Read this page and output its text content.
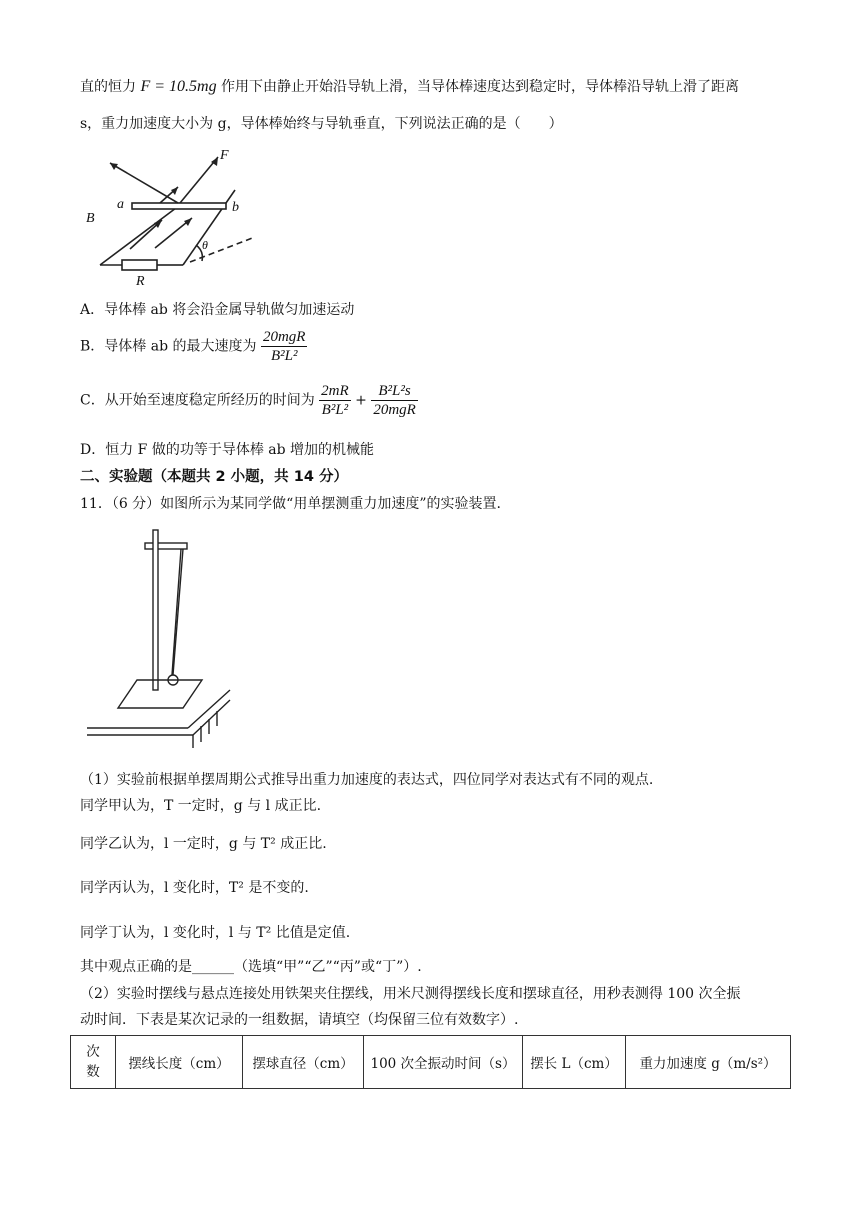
直的恒力 F = 10.5mg 作用下由静止开始沿导轨上滑，当导体棒速度达到稳定时，导体棒沿导轨上滑了距离
s，重力加速度大小为 g，导体棒始终与导轨垂直，下列说法正确的是（　　）
F
a	b
B
R
θ
A．导体棒 ab 将会沿金属导轨做匀加速运动
B．导体棒 ab 的最大速度为 $\frac{\text{20mgR}}{\text{B²L²}}$
C．从开始至速度稳定所经历的时间为 $\frac{2mR}{\text{B²L²}} + \frac{\text{B²L²s}}{\text{20mgR}}$
D．恒力 F 做的功等于导体棒 ab 增加的机械能
二、实验题（本题共 2 小题，共 14 分）
11．（6 分）如图所示为某同学做“用单摆测重力加速度”的实验装置.
（1）实验前根据单摆周期公式推导出重力加速度的表达式，四位同学对表达式有不同的观点.
同学甲认为，T 一定时，g 与 l 成正比.
同学乙认为，l 一定时，g 与 T² 成正比.
同学丙认为，l 变化时，T² 是不变的.
同学丁认为，l 变化时，l 与 T² 比值是定值.
其中观点正确的是______（选填“甲”“乙”“丙”或“丁”）.
（2）实验时摆线与悬点连接处用铁架夹住摆线，用米尺测得摆线长度和摆球直径，用秒表测得 100 次全振
动时间．下表是某次记录的一组数据，请填空（均保留三位有效数字）.
次
数	摆线长度（cm）	摆球直径（cm）	100 次全振动时间（s）	摆长 L（cm）	重力加速度 g（m/s²）
